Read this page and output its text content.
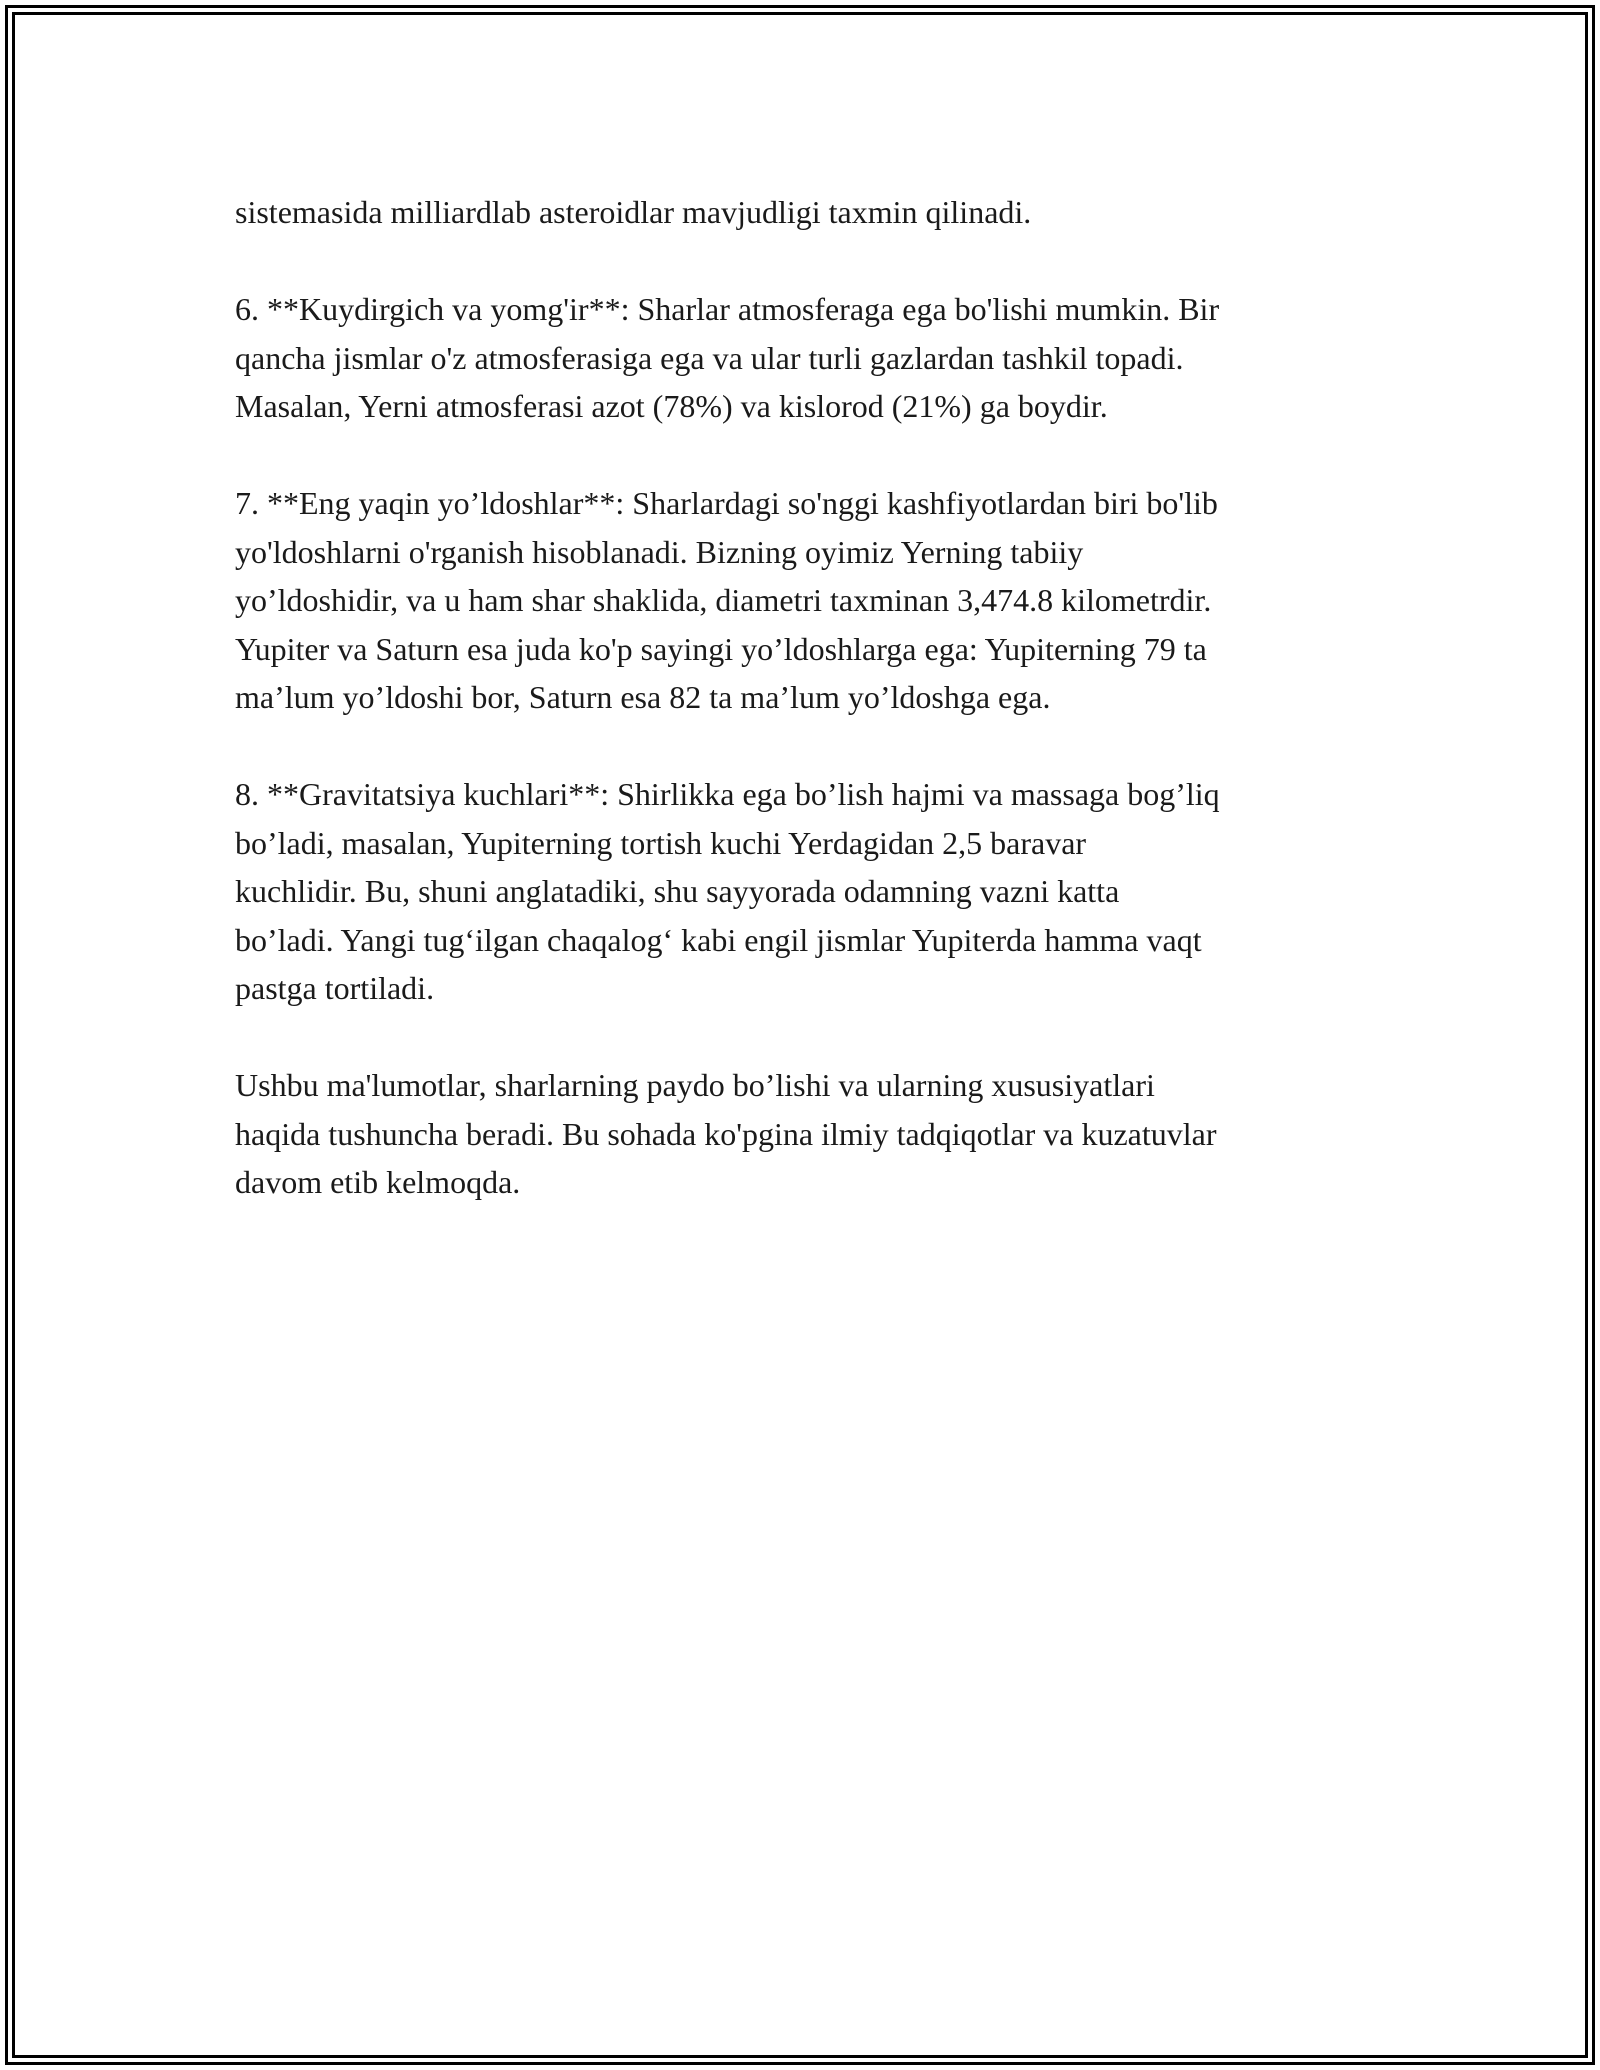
sistemasida milliardlab asteroidlar mavjudligi taxmin qilinadi.

6. **Kuydirgich va yomg'ir**: Sharlar atmosferaga ega bo'lishi mumkin. Bir
qancha jismlar o'z atmosferasiga ega va ular turli gazlardan tashkil topadi.
Masalan, Yerni atmosferasi azot (78%) va kislorod (21%) ga boydir.

7. **Eng yaqin yo’ldoshlar**: Sharlardagi so'nggi kashfiyotlardan biri bo'lib
yo'ldoshlarni o'rganish hisoblanadi. Bizning oyimiz Yerning tabiiy
yo’ldoshidir, va u ham shar shaklida, diametri taxminan 3,474.8 kilometrdir.
Yupiter va Saturn esa juda ko'p sayingi yo’ldoshlarga ega: Yupiterning 79 ta
ma’lum yo’ldoshi bor, Saturn esa 82 ta ma’lum yo’ldoshga ega.

8. **Gravitatsiya kuchlari**: Shirlikka ega bo’lish hajmi va massaga bog’liq
bo’ladi, masalan, Yupiterning tortish kuchi Yerdagidan 2,5 baravar
kuchlidir. Bu, shuni anglatadiki, shu sayyorada odamning vazni katta
bo’ladi. Yangi tug‘ilgan chaqalog‘ kabi engil jismlar Yupiterda hamma vaqt
pastga tortiladi.

Ushbu ma'lumotlar, sharlarning paydo bo’lishi va ularning xususiyatlari
haqida tushuncha beradi. Bu sohada ko'pgina ilmiy tadqiqotlar va kuzatuvlar
davom etib kelmoqda.
